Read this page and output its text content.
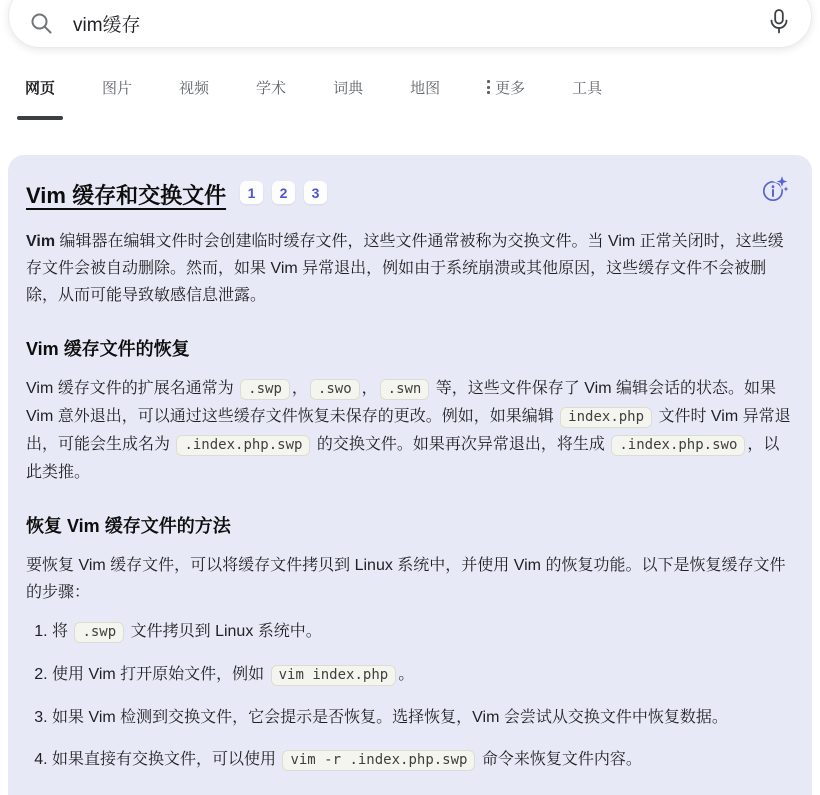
vim缓存
网页	图片	视频	学术	词典	地图	更多	工具
Vim 缓存和交换文件	1	2	3

Vim 编辑器在编辑文件时会创建临时缓存文件，这些文件通常被称为交换文件。当 Vim 正常关闭时，这些缓存文件会被自动删除。然而，如果 Vim 异常退出，例如由于系统崩溃或其他原因，这些缓存文件不会被删除，从而可能导致敏感信息泄露。

Vim 缓存文件的恢复

Vim 缓存文件的扩展名通常为 .swp ， .swo ， .swn 等，这些文件保存了 Vim 编辑会话的状态。如果 Vim 意外退出，可以通过这些缓存文件恢复未保存的更改。例如，如果编辑 index.php 文件时 Vim 异常退出，可能会生成名为 .index.php.swp 的交换文件。如果再次异常退出，将生成 .index.php.swo ，以此类推。

恢复 Vim 缓存文件的方法

要恢复 Vim 缓存文件，可以将缓存文件拷贝到 Linux 系统中，并使用 Vim 的恢复功能。以下是恢复缓存文件的步骤：

1. 将 .swp 文件拷贝到 Linux 系统中。
2. 使用 Vim 打开原始文件，例如 vim index.php 。
3. 如果 Vim 检测到交换文件，它会提示是否恢复。选择恢复，Vim 会尝试从交换文件中恢复数据。
4. 如果直接有交换文件，可以使用 vim -r .index.php.swp 命令来恢复文件内容。
